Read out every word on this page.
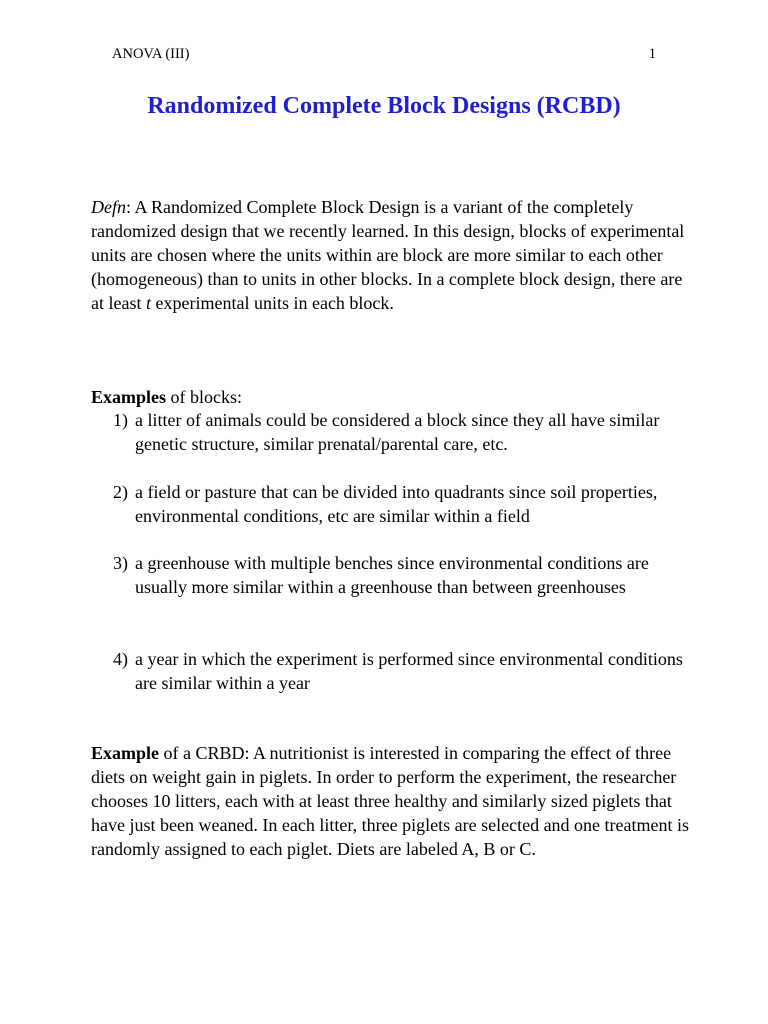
ANOVA (III)	1
Randomized Complete Block Designs (RCBD)

Defn: A Randomized Complete Block Design is a variant of the completely randomized design that we recently learned. In this design, blocks of experimental units are chosen where the units within are block are more similar to each other (homogeneous) than to units in other blocks. In a complete block design, there are at least t experimental units in each block.

Examples of blocks:

1) a litter of animals could be considered a block since they all have similar genetic structure, similar prenatal/parental care, etc.
2) a field or pasture that can be divided into quadrants since soil properties, environmental conditions, etc are similar within a field
3) a greenhouse with multiple benches since environmental conditions are usually more similar within a greenhouse than between greenhouses
4) a year in which the experiment is performed since environmental conditions are similar within a year

Example of a CRBD: A nutritionist is interested in comparing the effect of three diets on weight gain in piglets. In order to perform the experiment, the researcher chooses 10 litters, each with at least three healthy and similarly sized piglets that have just been weaned. In each litter, three piglets are selected and one treatment is randomly assigned to each piglet. Diets are labeled A, B or C.
